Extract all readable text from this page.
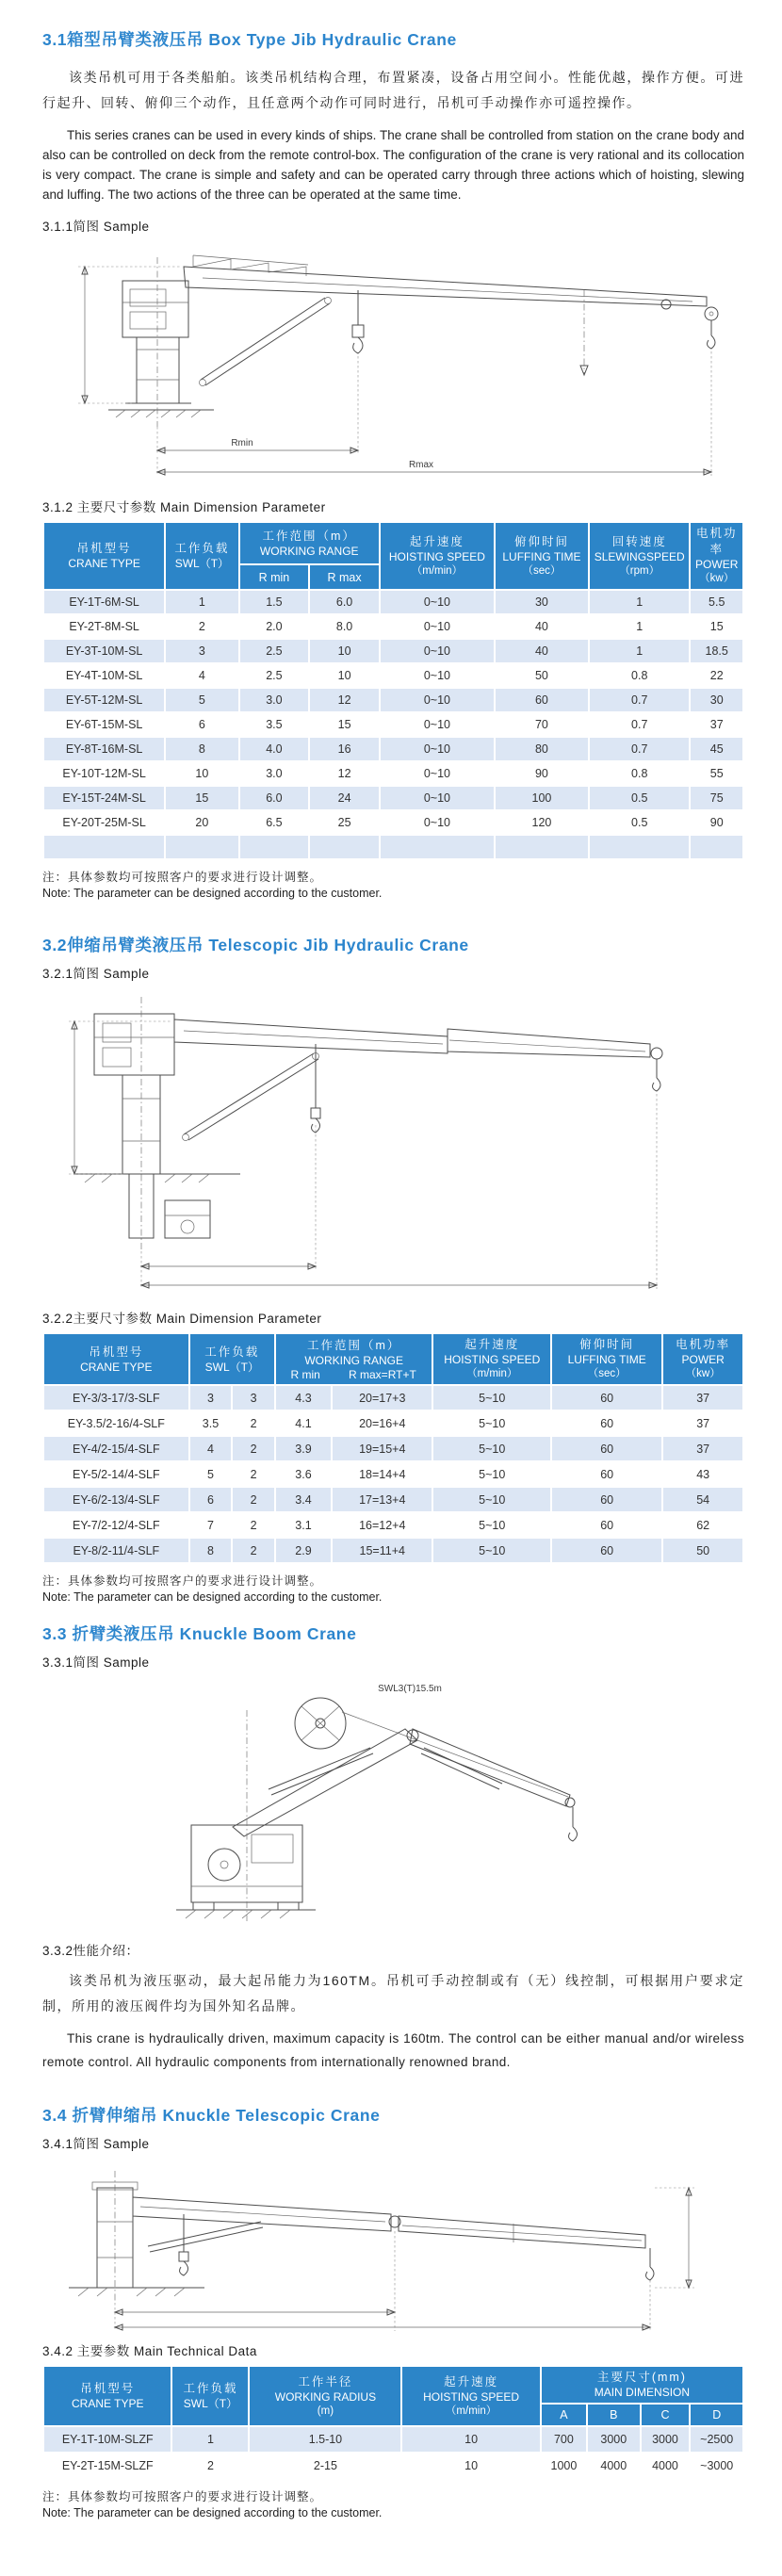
3.1箱型吊臂类液压吊 Box Type Jib Hydraulic Crane

该类吊机可用于各类船舶。该类吊机结构合理，布置紧凑，设备占用空间小。性能优越，操作方便。可进行起升、回转、俯仰三个动作，且任意两个动作可同时进行，吊机可手动操作亦可遥控操作。

This series cranes can be used in every kinds of ships. The crane shall be controlled from station on the crane body and also can be controlled on deck from the remote control-box. The configuration of the crane is very rational and its collocation is very compact. The crane is simple and safety and can be operated carry through three actions which of hoisting, slewing and luffing. The two actions of the three can be operated at the same time.

3.1.1简图 Sample
Rmin
Rmax
3.1.2 主要尺寸参数 Main Dimension Parameter
吊机型号
CRANE TYPE

工作负载
SWL（T）

工作范围（m）
WORKING RANGE

起升速度
HOISTING SPEED
（m/min）

俯仰时间
LUFFING TIME
（sec）

回转速度
SLEWINGSPEED
（rpm）

电机功率
POWER
（kw）

		R min	R max				
EY-1T-6M-SL	1	1.5	6.0	0~10	30	1	5.5
EY-2T-8M-SL	2	2.0	8.0	0~10	40	1	15
EY-3T-10M-SL	3	2.5	10	0~10	40	1	18.5
EY-4T-10M-SL	4	2.5	10	0~10	50	0.8	22
EY-5T-12M-SL	5	3.0	12	0~10	60	0.7	30
EY-6T-15M-SL	6	3.5	15	0~10	70	0.7	37
EY-8T-16M-SL	8	4.0	16	0~10	80	0.7	45
EY-10T-12M-SL	10	3.0	12	0~10	90	0.8	55
EY-15T-24M-SL	15	6.0	24	0~10	100	0.5	75
EY-20T-25M-SL	20	6.5	25	0~10	120	0.5	90

注：具体参数均可按照客户的要求进行设计调整。
Note: The parameter can be designed according to the customer.
3.2伸缩吊臂类液压吊 Telescopic Jib Hydraulic Crane
3.2.1简图 Sample
3.2.2主要尺寸参数 Main Dimension Parameter
吊机型号
CRANE TYPE

工作负载
SWL（T）

工作范围（m）
WORKING RANGE
R min	R max=RT+T

起升速度
HOISTING SPEED
（m/min）

俯仰时间
LUFFING TIME
（sec）

电机功率
POWER
（kw）

EY-3/3-17/3-SLF	3	3	4.3	20=17+3	5~10	60	37
EY-3.5/2-16/4-SLF	3.5	2	4.1	20=16+4	5~10	60	37
EY-4/2-15/4-SLF	4	2	3.9	19=15+4	5~10	60	37
EY-5/2-14/4-SLF	5	2	3.6	18=14+4	5~10	60	43
EY-6/2-13/4-SLF	6	2	3.4	17=13+4	5~10	60	54
EY-7/2-12/4-SLF	7	2	3.1	16=12+4	5~10	60	62
EY-8/2-11/4-SLF	8	2	2.9	15=11+4	5~10	60	50
注：具体参数均可按照客户的要求进行设计调整。
Note: The parameter can be designed according to the customer.
3.3 折臂类液压吊 Knuckle Boom Crane
3.3.1简图 Sample
SWL3(T)15.5m
3.3.2性能介绍：

该类吊机为液压驱动，最大起吊能力为160TM。吊机可手动控制或有（无）线控制，可根据用户要求定制，所用的液压阀件均为国外知名品牌。

This crane is hydraulically driven, maximum capacity is 160tm. The control can be either manual and/or wireless remote control. All hydraulic components from internationally renowned brand.

3.4 折臂伸缩吊 Knuckle Telescopic Crane
3.4.1简图 Sample
3.4.2 主要参数 Main Technical Data
吊机型号
CRANE TYPE

工作负载
SWL（T）

工作半径
WORKING RADIUS
(m)

起升速度
HOISTING SPEED
（m/min）

主要尺寸(mm)
MAIN DIMENSION

				A	B	C	D
EY-1T-10M-SLZF	1	1.5-10	10	700	3000	3000	~2500
EY-2T-15M-SLZF	2	2-15	10	1000	4000	4000	~3000
注：具体参数均可按照客户的要求进行设计调整。
Note: The parameter can be designed according to the customer.
